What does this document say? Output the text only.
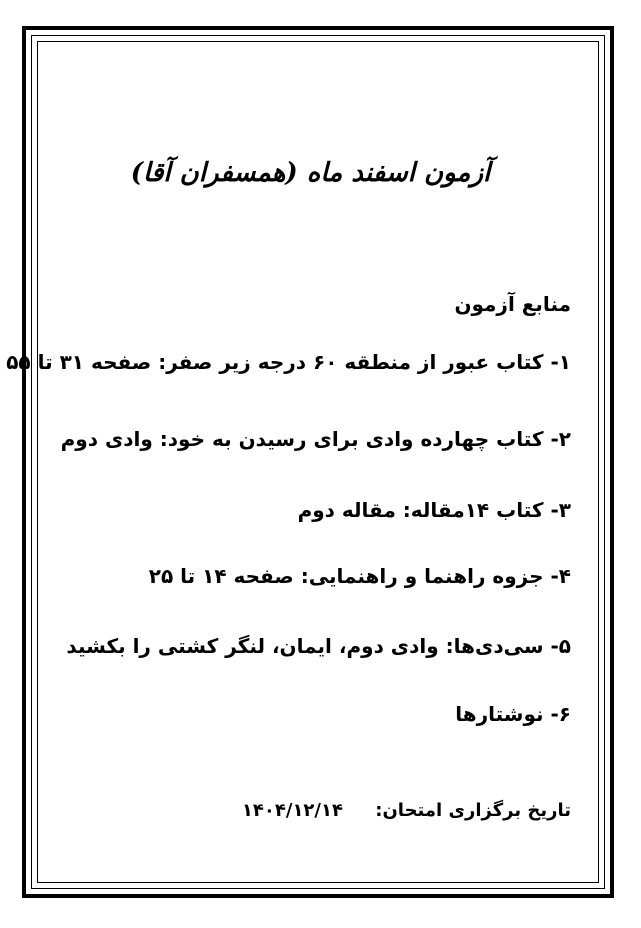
آزمون اسفند ماه (همسفران آقا)
منابع آزمون
۱- کتاب عبور از منطقه ۶۰ درجه زیر صفر: صفحه ۳۱ تا ۵۵
۲- کتاب چهارده وادی برای رسیدن به خود: وادی دوم
۳- کتاب ۱۴مقاله: مقاله دوم
۴- جزوه راهنما و راهنمایی: صفحه ۱۴ تا ۲۵
۵- سی‌دی‌ها: وادی دوم، ایمان، لنگر کشتی را بکشید
۶- نوشتارها
تاریخ برگزاری امتحان: ۱۴۰۴/۱۲/۱۴
